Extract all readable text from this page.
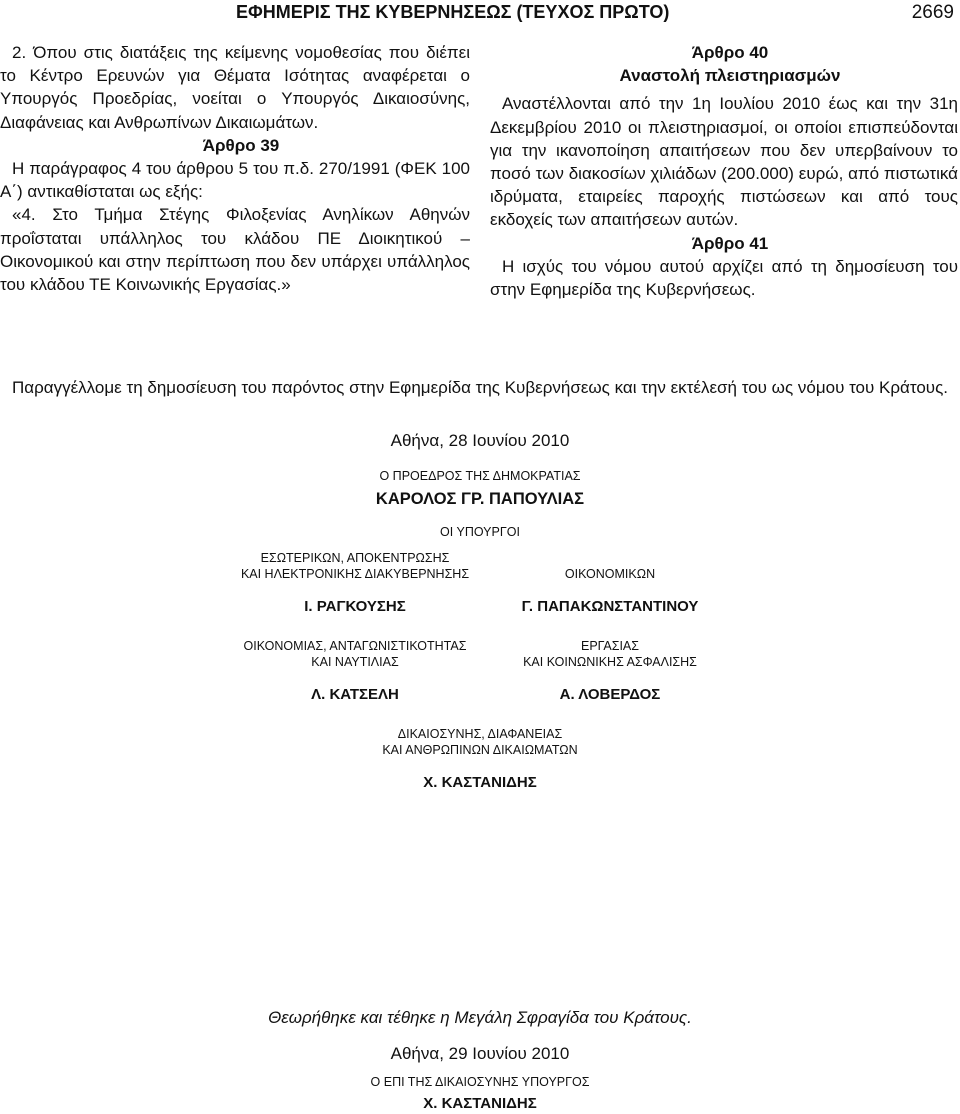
ΕΦΗΜΕΡΙΣ ΤΗΣ ΚΥΒΕΡΝΗΣΕΩΣ (ΤΕΥΧΟΣ ΠΡΩΤΟ)	2669

2. Όπου στις διατάξεις της κείμενης νομοθεσίας που διέπει το Κέντρο Ερευνών για Θέματα Ισότητας αναφέρεται ο Υπουργός Προεδρίας, νοείται ο Υπουργός Δικαιοσύνης, Διαφάνειας και Ανθρωπίνων Δικαιωμάτων.

Άρθρο 39

Η παράγραφος 4 του άρθρου 5 του π.δ. 270/1991 (ΦΕΚ 100 Α΄) αντικαθίσταται ως εξής:

«4. Στο Τμήμα Στέγης Φιλοξενίας Ανηλίκων Αθηνών προΐσταται υπάλληλος του κλάδου ΠΕ Διοικητικού – Οικονομικού και στην περίπτωση που δεν υπάρχει υπάλληλος του κλάδου ΤΕ Κοινωνικής Εργασίας.»

Άρθρο 40

Αναστολή πλειστηριασμών

Αναστέλλονται από την 1η Ιουλίου 2010 έως και την 31η Δεκεμβρίου 2010 οι πλειστηριασμοί, οι οποίοι επισπεύδονται για την ικανοποίηση απαιτήσεων που δεν υπερβαίνουν το ποσό των διακοσίων χιλιάδων (200.000) ευρώ, από πιστωτικά ιδρύματα, εταιρείες παροχής πιστώσεων και από τους εκδοχείς των απαιτήσεων αυτών.

Άρθρο 41

Η ισχύς του νόμου αυτού αρχίζει από τη δημοσίευση του στην Εφημερίδα της Κυβερνήσεως.

Παραγγέλλομε τη δημοσίευση του παρόντος στην Εφημερίδα της Κυβερνήσεως και την εκτέλεσή του ως νόμου του Κράτους.
Αθήνα, 28 Ιουνίου 2010
Ο ΠΡΟΕΔΡΟΣ ΤΗΣ ΔΗΜΟΚΡΑΤΙΑΣ
ΚΑΡΟΛΟΣ ΓΡ. ΠΑΠΟΥΛΙΑΣ
ΟΙ ΥΠΟΥΡΓΟΙ
ΕΣΩΤΕΡΙΚΩΝ, ΑΠΟΚΕΝΤΡΩΣΗΣ
ΚΑΙ ΗΛΕΚΤΡΟΝΙΚΗΣ ΔΙΑΚΥΒΕΡΝΗΣΗΣ
Ι. ΡΑΓΚΟΥΣΗΣ
ΟΙΚΟΝΟΜΙΚΩΝ
Γ. ΠΑΠΑΚΩΝΣΤΑΝΤΙΝΟΥ
ΟΙΚΟΝΟΜΙΑΣ, ΑΝΤΑΓΩΝΙΣΤΙΚΟΤΗΤΑΣ
ΚΑΙ ΝΑΥΤΙΛΙΑΣ
Λ. ΚΑΤΣΕΛΗ
ΕΡΓΑΣΙΑΣ
ΚΑΙ ΚΟΙΝΩΝΙΚΗΣ ΑΣΦΑΛΙΣΗΣ
Α. ΛΟΒΕΡΔΟΣ
ΔΙΚΑΙΟΣΥΝΗΣ, ΔΙΑΦΑΝΕΙΑΣ
ΚΑΙ ΑΝΘΡΩΠΙΝΩΝ ΔΙΚΑΙΩΜΑΤΩΝ
Χ. ΚΑΣΤΑΝΙΔΗΣ
Θεωρήθηκε και τέθηκε η Μεγάλη Σφραγίδα του Κράτους.
Αθήνα, 29 Ιουνίου 2010
Ο ΕΠΙ ΤΗΣ ΔΙΚΑΙΟΣΥΝΗΣ ΥΠΟΥΡΓΟΣ
Χ. ΚΑΣΤΑΝΙΔΗΣ
